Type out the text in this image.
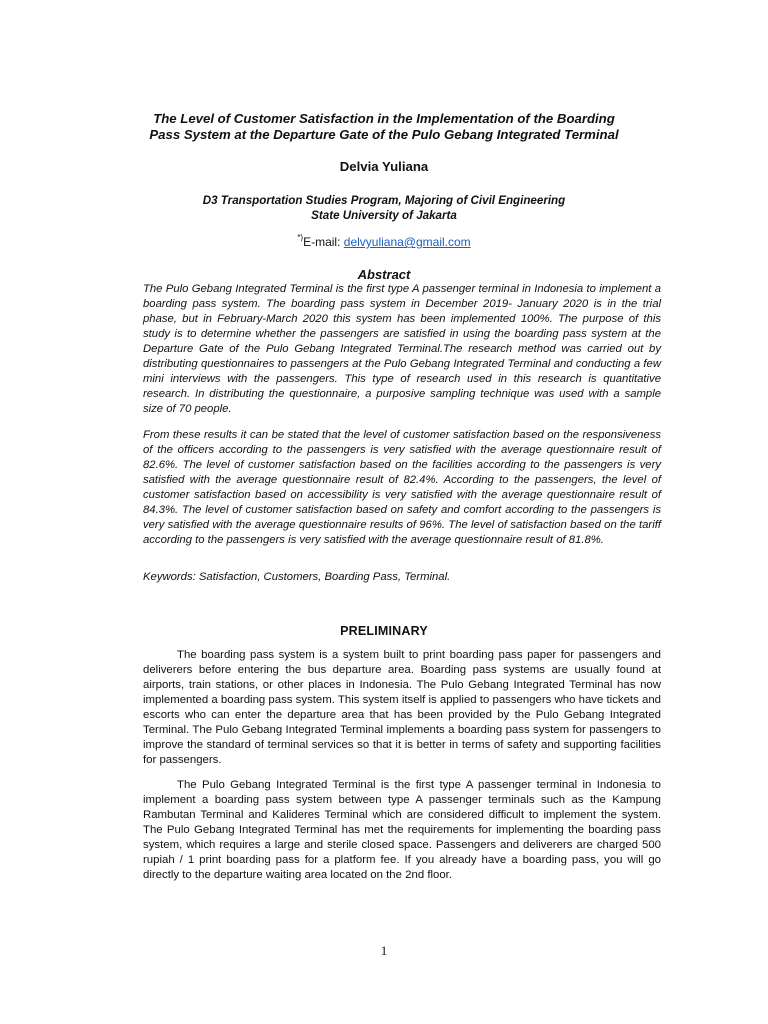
The Level of Customer Satisfaction in the Implementation of the Boarding
Pass System at the Departure Gate of the Pulo Gebang Integrated Terminal
Delvia Yuliana
D3 Transportation Studies Program, Majoring of Civil Engineering
State University of Jakarta
*)E-mail: delvyuliana@gmail.com
Abstract

The Pulo Gebang Integrated Terminal is the first type A passenger terminal in Indonesia to implement a boarding pass system. The boarding pass system in December 2019- January 2020 is in the trial phase, but in February-March 2020 this system has been implemented 100%. The purpose of this study is to determine whether the passengers are satisfied in using the boarding pass system at the Departure Gate of the Pulo Gebang Integrated Terminal.The research method was carried out by distributing questionnaires to passengers at the Pulo Gebang Integrated Terminal and conducting a few mini interviews with the passengers. This type of research used in this research is quantitative research. In distributing the questionnaire, a purposive sampling technique was used with a sample size of 70 people.

From these results it can be stated that the level of customer satisfaction based on the responsiveness of the officers according to the passengers is very satisfied with the average questionnaire result of 82.6%. The level of customer satisfaction based on the facilities according to the passengers is very satisfied with the average questionnaire result of 82.4%. According to the passengers, the level of customer satisfaction based on accessibility is very satisfied with the average questionnaire result of 84.3%. The level of customer satisfaction based on safety and comfort according to the passengers is very satisfied with the average questionnaire results of 96%. The level of satisfaction based on the tariff according to the passengers is very satisfied with the average questionnaire result of 81.8%.

Keywords: Satisfaction, Customers, Boarding Pass, Terminal.
PRELIMINARY

The boarding pass system is a system built to print boarding pass paper for passengers and deliverers before entering the bus departure area. Boarding pass systems are usually found at airports, train stations, or other places in Indonesia. The Pulo Gebang Integrated Terminal has now implemented a boarding pass system. This system itself is applied to passengers who have tickets and escorts who can enter the departure area that has been provided by the Pulo Gebang Integrated Terminal. The Pulo Gebang Integrated Terminal implements a boarding pass system for passengers to improve the standard of terminal services so that it is better in terms of safety and supporting facilities for passengers.

The Pulo Gebang Integrated Terminal is the first type A passenger terminal in Indonesia to implement a boarding pass system between type A passenger terminals such as the Kampung Rambutan Terminal and Kalideres Terminal which are considered difficult to implement the system. The Pulo Gebang Integrated Terminal has met the requirements for implementing the boarding pass system, which requires a large and sterile closed space. Passengers and deliverers are charged 500 rupiah / 1 print boarding pass for a platform fee. If you already have a boarding pass, you will go directly to the departure waiting area located on the 2nd floor.

1
